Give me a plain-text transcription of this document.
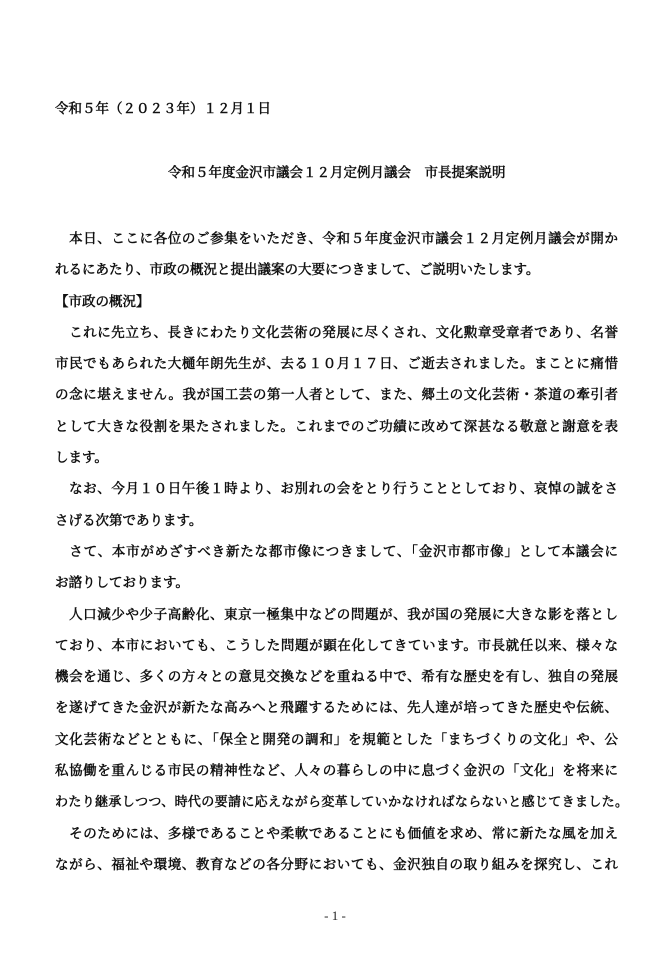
令和５年（２０２３年）１２月１日
令和５年度金沢市議会１２月定例月議会　市長提案説明
　本日、ここに各位のご参集をいただき、令和５年度金沢市議会１２月定例月議会が開か
れるにあたり、市政の概況と提出議案の大要につきまして、ご説明いたします。
【市政の概況】
　これに先立ち、長きにわたり文化芸術の発展に尽くされ、文化勲章受章者であり、名誉
市民でもあられた大樋年朗先生が、去る１０月１７日、ご逝去されました。まことに痛惜
の念に堪えません。我が国工芸の第一人者として、また、郷土の文化芸術・茶道の牽引者
として大きな役割を果たされました。これまでのご功績に改めて深甚なる敬意と謝意を表
します。
　なお、今月１０日午後１時より、お別れの会をとり行うこととしており、哀悼の誠をさ
さげる次第であります。
　さて、本市がめざすべき新たな都市像につきまして、「金沢市都市像」として本議会に
お諮りしております。
　人口減少や少子高齢化、東京一極集中などの問題が、我が国の発展に大きな影を落とし
ており、本市においても、こうした問題が顕在化してきています。市長就任以来、様々な
機会を通じ、多くの方々との意見交換などを重ねる中で、希有な歴史を有し、独自の発展
を遂げてきた金沢が新たな高みへと飛躍するためには、先人達が培ってきた歴史や伝統、
文化芸術などとともに、「保全と開発の調和」を規範とした「まちづくりの文化」や、公
私協働を重んじる市民の精神性など、人々の暮らしの中に息づく金沢の「文化」を将来に
わたり継承しつつ、時代の要請に応えながら変革していかなければならないと感じてきました。
　そのためには、多様であることや柔軟であることにも価値を求め、常に新たな風を加え
ながら、福祉や環境、教育などの各分野においても、金沢独自の取り組みを探究し、これ
- 1 -
